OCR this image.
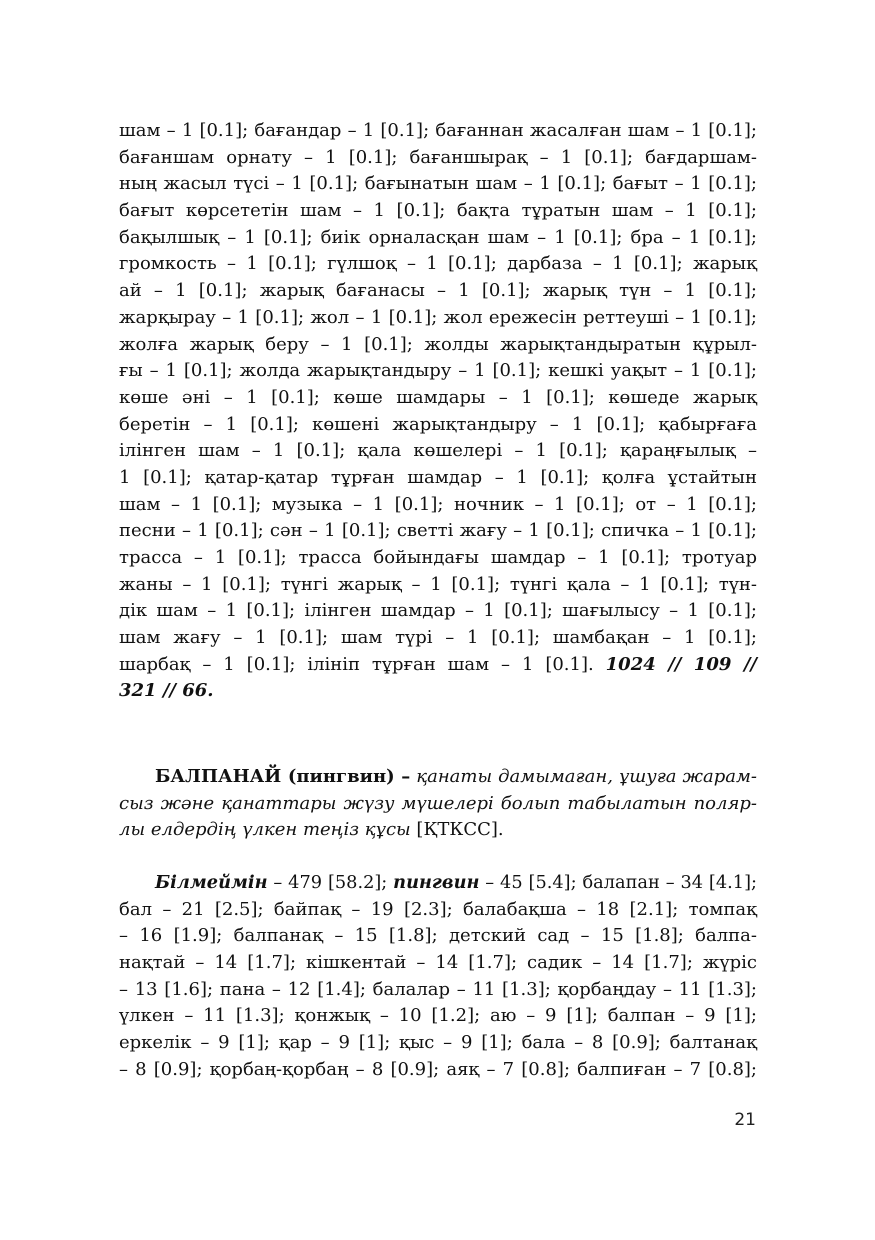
шам – 1 [0.1]; бағандар – 1 [0.1]; бағаннан жасалған шам – 1 [0.1];
бағаншам орнату – 1 [0.1]; бағаншырақ – 1 [0.1]; бағдаршам-
ның жасыл түсі – 1 [0.1]; бағынатын шам – 1 [0.1]; бағыт – 1 [0.1];
бағыт көрсететін шам – 1 [0.1]; бақта тұратын шам – 1 [0.1];
бақылшық – 1 [0.1]; биік орналасқан шам – 1 [0.1]; бра – 1 [0.1];
громкость – 1 [0.1]; гүлшоқ – 1 [0.1]; дарбаза – 1 [0.1]; жарық
ай – 1 [0.1]; жарық бағанасы – 1 [0.1]; жарық түн – 1 [0.1];
жарқырау – 1 [0.1]; жол – 1 [0.1]; жол ережесін реттеуші – 1 [0.1];
жолға жарық беру – 1 [0.1]; жолды жарықтандыратын құрыл-
ғы – 1 [0.1]; жолда жарықтандыру – 1 [0.1]; кешкі уақыт – 1 [0.1];
көше әні – 1 [0.1]; көше шамдары – 1 [0.1]; көшеде жарық
беретін – 1 [0.1]; көшені жарықтандыру – 1 [0.1]; қабырғаға
ілінген шам – 1 [0.1]; қала көшелері – 1 [0.1]; қараңғылық –
1 [0.1]; қатар-қатар тұрған шамдар – 1 [0.1]; қолға ұстайтын
шам – 1 [0.1]; музыка – 1 [0.1]; ночник – 1 [0.1]; от – 1 [0.1];
песни – 1 [0.1]; сән – 1 [0.1]; светті жағу – 1 [0.1]; спичка – 1 [0.1];
трасса – 1 [0.1]; трасса бойындағы шамдар – 1 [0.1]; тротуар
жаны – 1 [0.1]; түнгі жарық – 1 [0.1]; түнгі қала – 1 [0.1]; түн-
дік шам – 1 [0.1]; ілінген шамдар – 1 [0.1]; шағылысу – 1 [0.1];
шам жағу – 1 [0.1]; шам түрі – 1 [0.1]; шамбақан – 1 [0.1];
шарбақ – 1 [0.1]; ілініп тұрған шам – 1 [0.1]. 1024 // 109 //
321 // 66.
БАЛПАНАЙ (пингвин) – қанаты дамымаған, ұшуға жарам-
сыз және қанаттары жүзу мүшелері болып табылатын поляр-
лы елдердің үлкен теңіз құсы [ҚТКСС].
Білмеймін – 479 [58.2]; пингвин – 45 [5.4]; балапан – 34 [4.1];
бал – 21 [2.5]; байпақ – 19 [2.3]; балабақша – 18 [2.1]; томпақ
– 16 [1.9]; балпанақ – 15 [1.8]; детский сад – 15 [1.8]; балпа-
нақтай – 14 [1.7]; кішкентай – 14 [1.7]; садик – 14 [1.7]; жүріс
– 13 [1.6]; пана – 12 [1.4]; балалар – 11 [1.3]; қорбаңдау – 11 [1.3];
үлкен – 11 [1.3]; қонжық – 10 [1.2]; аю – 9 [1]; балпан – 9 [1];
еркелік – 9 [1]; қар – 9 [1]; қыс – 9 [1]; бала – 8 [0.9]; балтанақ
– 8 [0.9]; қорбаң-қорбаң – 8 [0.9]; аяқ – 7 [0.8]; балпиған – 7 [0.8];
21
